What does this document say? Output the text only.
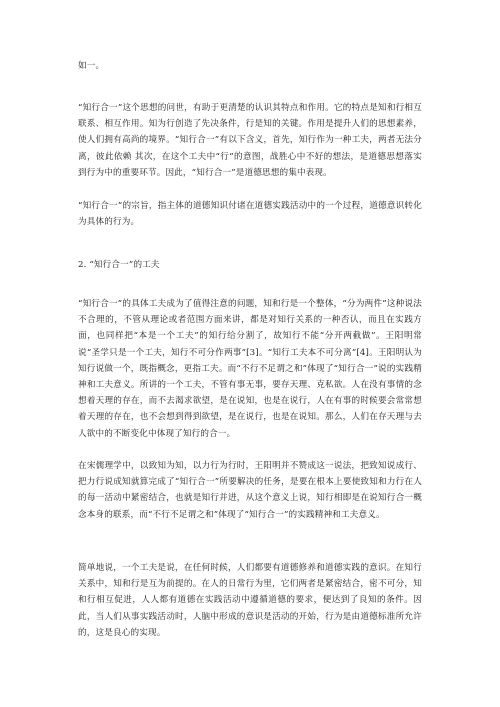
如一。

“知行合一”这个思想的问世，有助于更清楚的认识其特点和作用。它的特点是知和行相互联系、相互作用。知为行创造了先决条件，行是知的关键。作用是提升人们的思想素养，使人们拥有高尚的境界。“知行合一”有以下含义，首先，知行作为一种工夫，两者无法分离，彼此依赖 其次，在这个工夫中“行”的意图，战胜心中不好的想法，是道德思想落实到行为中的重要环节。因此，“知行合一”是道德思想的集中表现。

“知行合一”的宗旨，指主体的道德知识付诸在道德实践活动中的一个过程，道德意识转化为具体的行为。

2. “知行合一”的工夫

“知行合一”的具体工夫成为了值得注意的问题，知和行是一个整体，“分为两件”这种说法不合理的，不管从理论或者范围方面来讲，都是对知行关系的一种否认，而且在实践方面，也同样把“本是一个工夫”的知行给分割了，故知行不能“分开两截做”。王阳明常说“圣学只是一个工夫，知行不可分作两事”[3]。“知行工夫本不可分离”[4]。王阳明认为知行说做一个，既指概念，更指工夫。而“不行不足谓之和”体现了“知行合一”说的实践精神和工夫意义。所讲的一个工夫，不管有事无事，要存天理、克私欲。人在没有事情的念想着天理的存在，而不去渴求欲望，是在说知，也是在说行，人在有事的时候要会常常想着天理的存在，也不会想到得到欲望，是在说行，也是在说知。那么，人们在存天理与去人欲中的不断变化中体现了知行的合一。

在宋儒理学中，以致知为知，以力行为行时，王阳明并不赞成这一说法，把致知说成行、把力行说成知就算完成了“知行合一”所要解决的任务，是要在根本上要使致知和力行在人的每一活动中紧密结合，也就是知行并进，从这个意义上说，知行相即是在说知行合一概念本身的联系，而“不行不足谓之和”体现了“知行合一”的实践精神和工夫意义。

简单地说，一个工夫是说，在任何时候，人们都要有道德修养和道德实践的意识。在知行关系中，知和行是互为前提的。在人的日常行为里，它们两者是紧密结合，密不可分，知和行相互促进，人人都有道德在实践活动中遵循道德的要求，便达到了良知的条件。因此，当人们从事实践活动时，人脑中形成的意识是活动的开始，行为是由道德标准所允许的，这是良心的实现。
